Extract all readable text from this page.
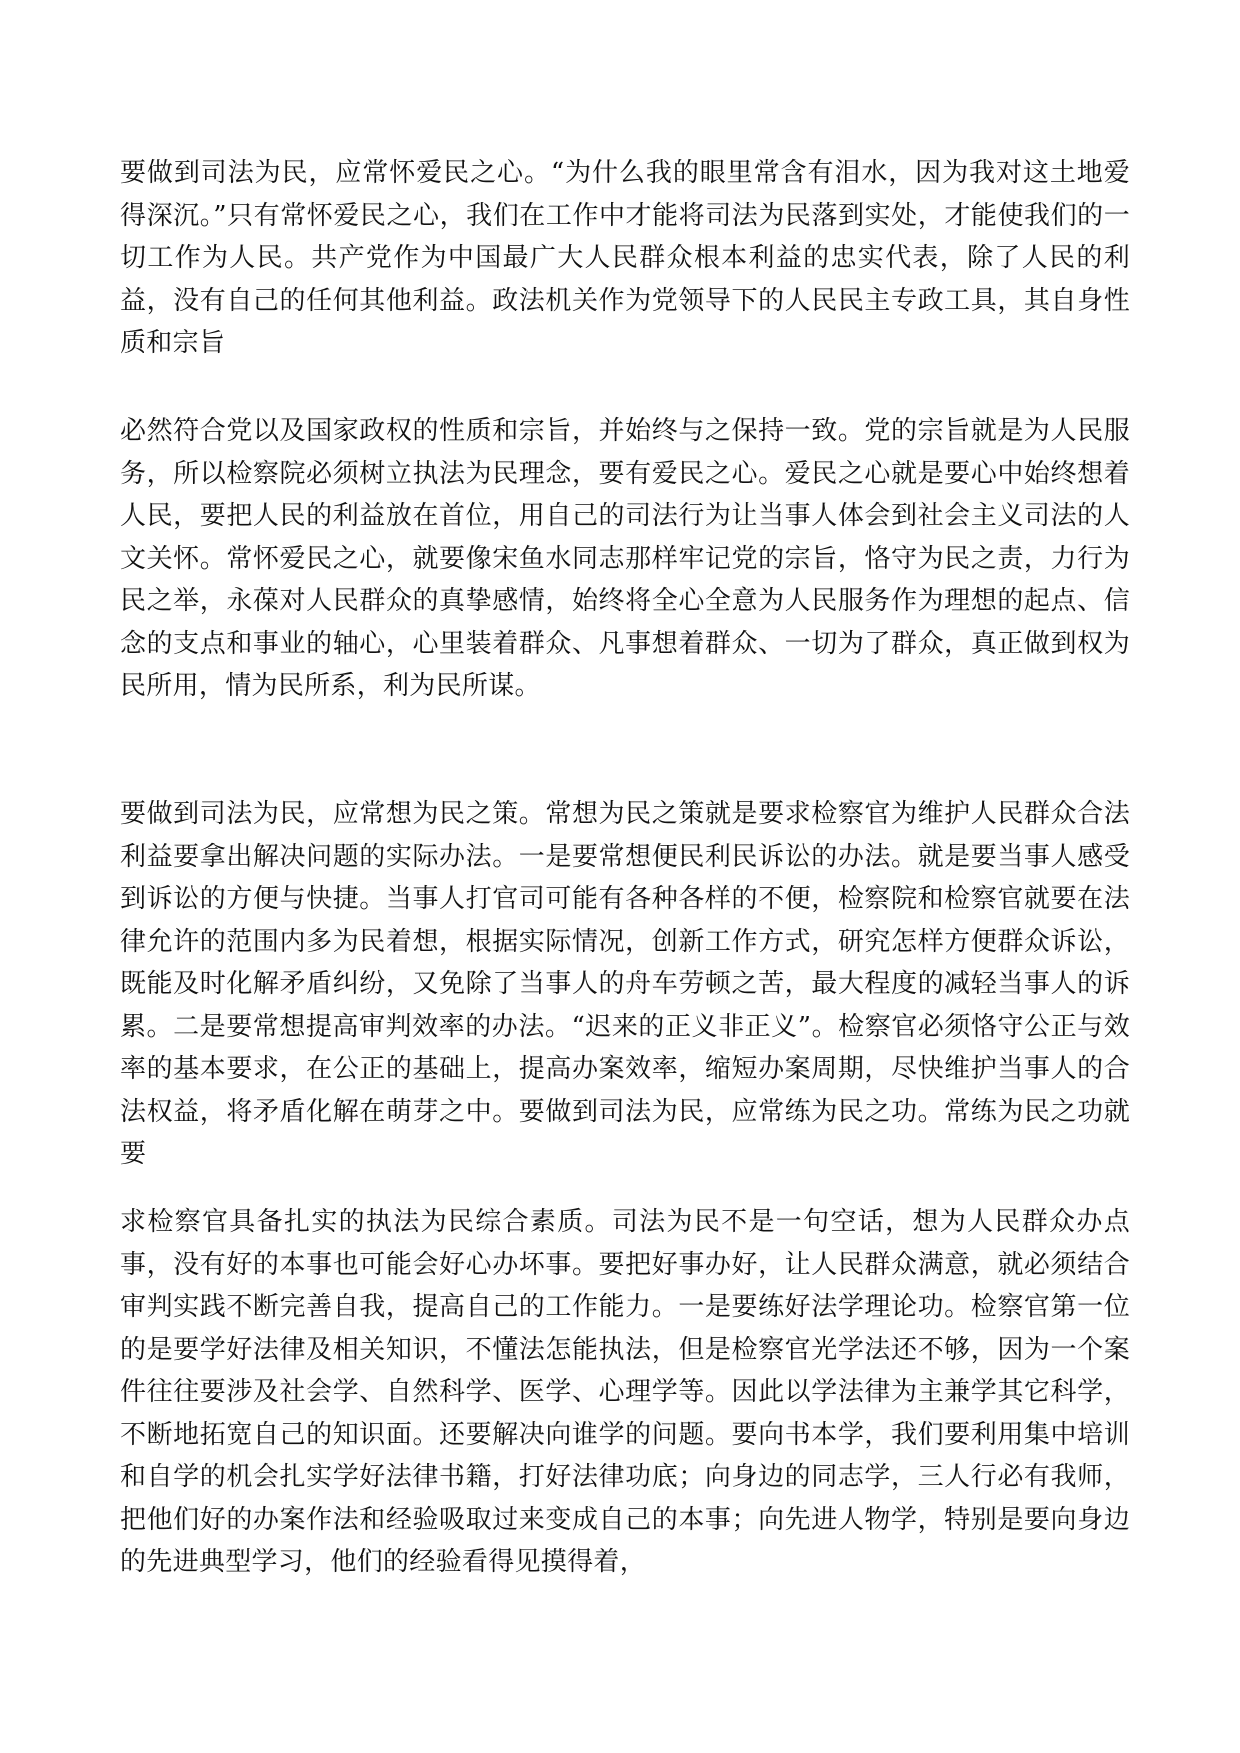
要做到司法为民，应常怀爱民之心。“为什么我的眼里常含有泪水，因为我对这土地爱得深沉。”只有常怀爱民之心，我们在工作中才能将司法为民落到实处，才能使我们的一切工作为人民。共产党作为中国最广大人民群众根本利益的忠实代表，除了人民的利益，没有自己的任何其他利益。政法机关作为党领导下的人民民主专政工具，其自身性质和宗旨

必然符合党以及国家政权的性质和宗旨，并始终与之保持一致。党的宗旨就是为人民服务，所以检察院必须树立执法为民理念，要有爱民之心。爱民之心就是要心中始终想着人民，要把人民的利益放在首位，用自己的司法行为让当事人体会到社会主义司法的人文关怀。常怀爱民之心，就要像宋鱼水同志那样牢记党的宗旨，恪守为民之责，力行为民之举，永葆对人民群众的真挚感情，始终将全心全意为人民服务作为理想的起点、信念的支点和事业的轴心，心里装着群众、凡事想着群众、一切为了群众，真正做到权为民所用，情为民所系，利为民所谋。

要做到司法为民，应常想为民之策。常想为民之策就是要求检察官为维护人民群众合法利益要拿出解决问题的实际办法。一是要常想便民利民诉讼的办法。就是要当事人感受到诉讼的方便与快捷。当事人打官司可能有各种各样的不便，检察院和检察官就要在法律允许的范围内多为民着想，根据实际情况，创新工作方式，研究怎样方便群众诉讼，既能及时化解矛盾纠纷，又免除了当事人的舟车劳顿之苦，最大程度的减轻当事人的诉累。二是要常想提高审判效率的办法。“迟来的正义非正义”。检察官必须恪守公正与效率的基本要求，在公正的基础上，提高办案效率，缩短办案周期，尽快维护当事人的合法权益，将矛盾化解在萌芽之中。要做到司法为民，应常练为民之功。常练为民之功就要

求检察官具备扎实的执法为民综合素质。司法为民不是一句空话，想为人民群众办点事，没有好的本事也可能会好心办坏事。要把好事办好，让人民群众满意，就必须结合审判实践不断完善自我，提高自己的工作能力。一是要练好法学理论功。检察官第一位的是要学好法律及相关知识，不懂法怎能执法，但是检察官光学法还不够，因为一个案件往往要涉及社会学、自然科学、医学、心理学等。因此以学法律为主兼学其它科学，不断地拓宽自己的知识面。还要解决向谁学的问题。要向书本学，我们要利用集中培训和自学的机会扎实学好法律书籍，打好法律功底；向身边的同志学，三人行必有我师，把他们好的办案作法和经验吸取过来变成自己的本事；向先进人物学，特别是要向身边的先进典型学习，他们的经验看得见摸得着，
